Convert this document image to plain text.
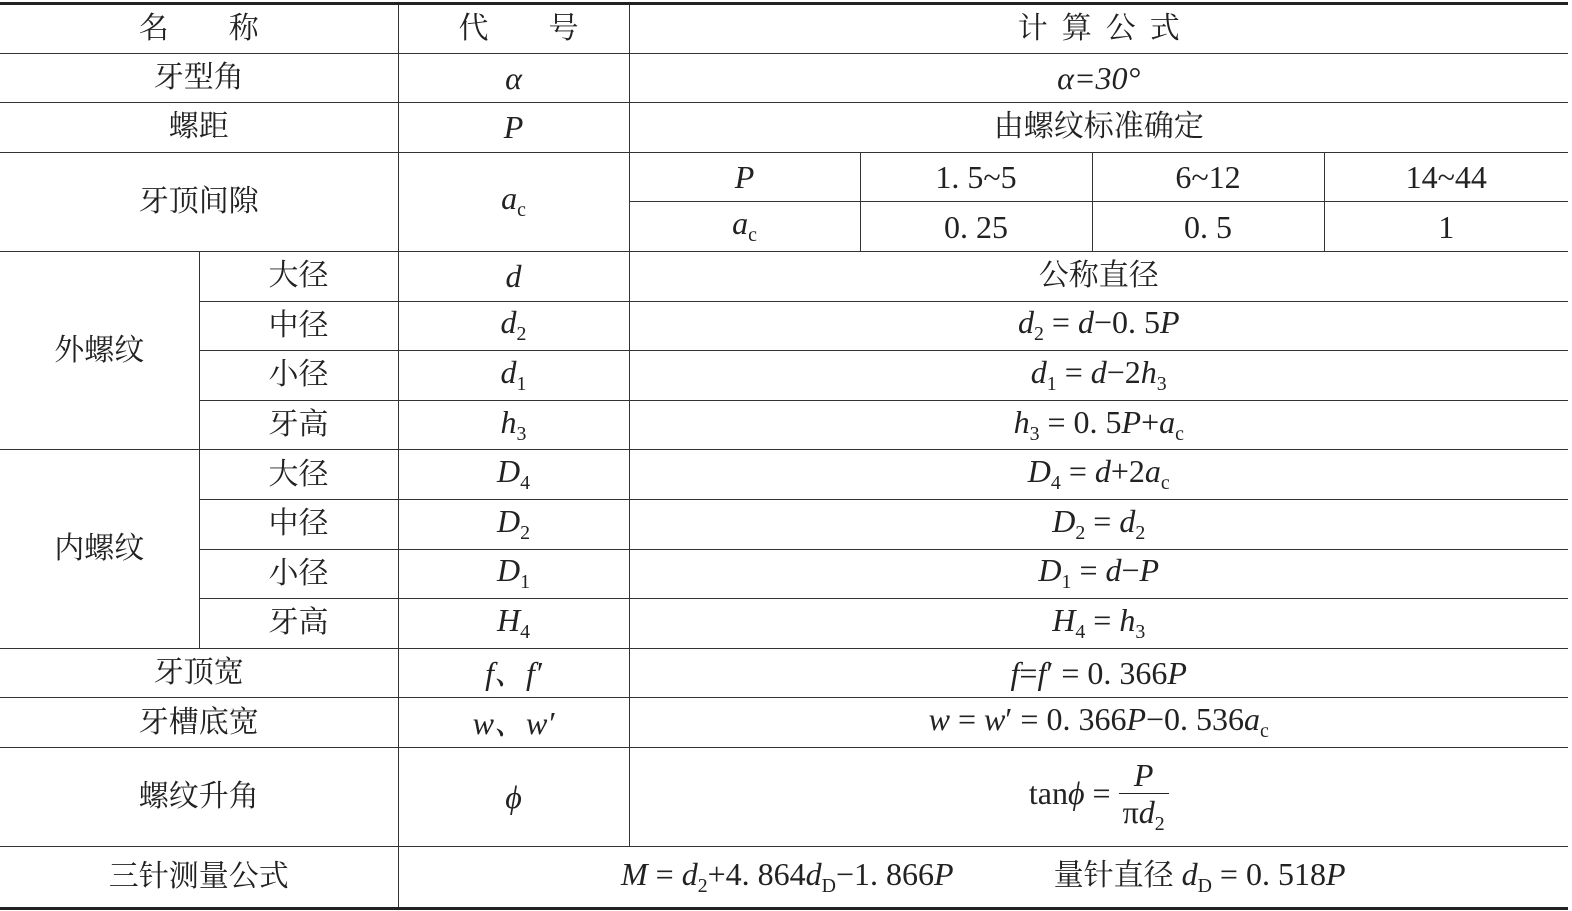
名称		代号	计算公式			
牙型角		α	α=30°			
螺距		P	由螺纹标准确定			
牙顶间隙		$a_c$	P	1. 5~5	6~12	14~44
			$a_c$	0. 25	0. 5	1
外螺纹	大径	d	公称直径			
	中径	$d_2$	$d_2 = d-0$. 5P			
	小径	$d_1$	$d_1 = d-2h_3$
	牙高	$h_3$	$h_3 = 0$. $5P+a_c$
内螺纹	大径	$D_4$	$D_4 = d+2a_c$
	中径	$D_2$	$D_2 = d_2$
	小径	$D_1$	$D_1 = d-P$			
	牙高	$H_4$	$H_4 = h_3$
牙顶宽		f、f′	f=f′ = 0. 366P			
牙槽底宽		w、w′	w = w′ = 0. 366P−0. $536a_c$
螺纹升角		ϕ	$\tan\phi = \frac{P}{\pi d_2}$

三针测量公式		$M = d_2+4$. $864d_D-1$. 866P 量针直径 $d_D = 0$. 518P				
